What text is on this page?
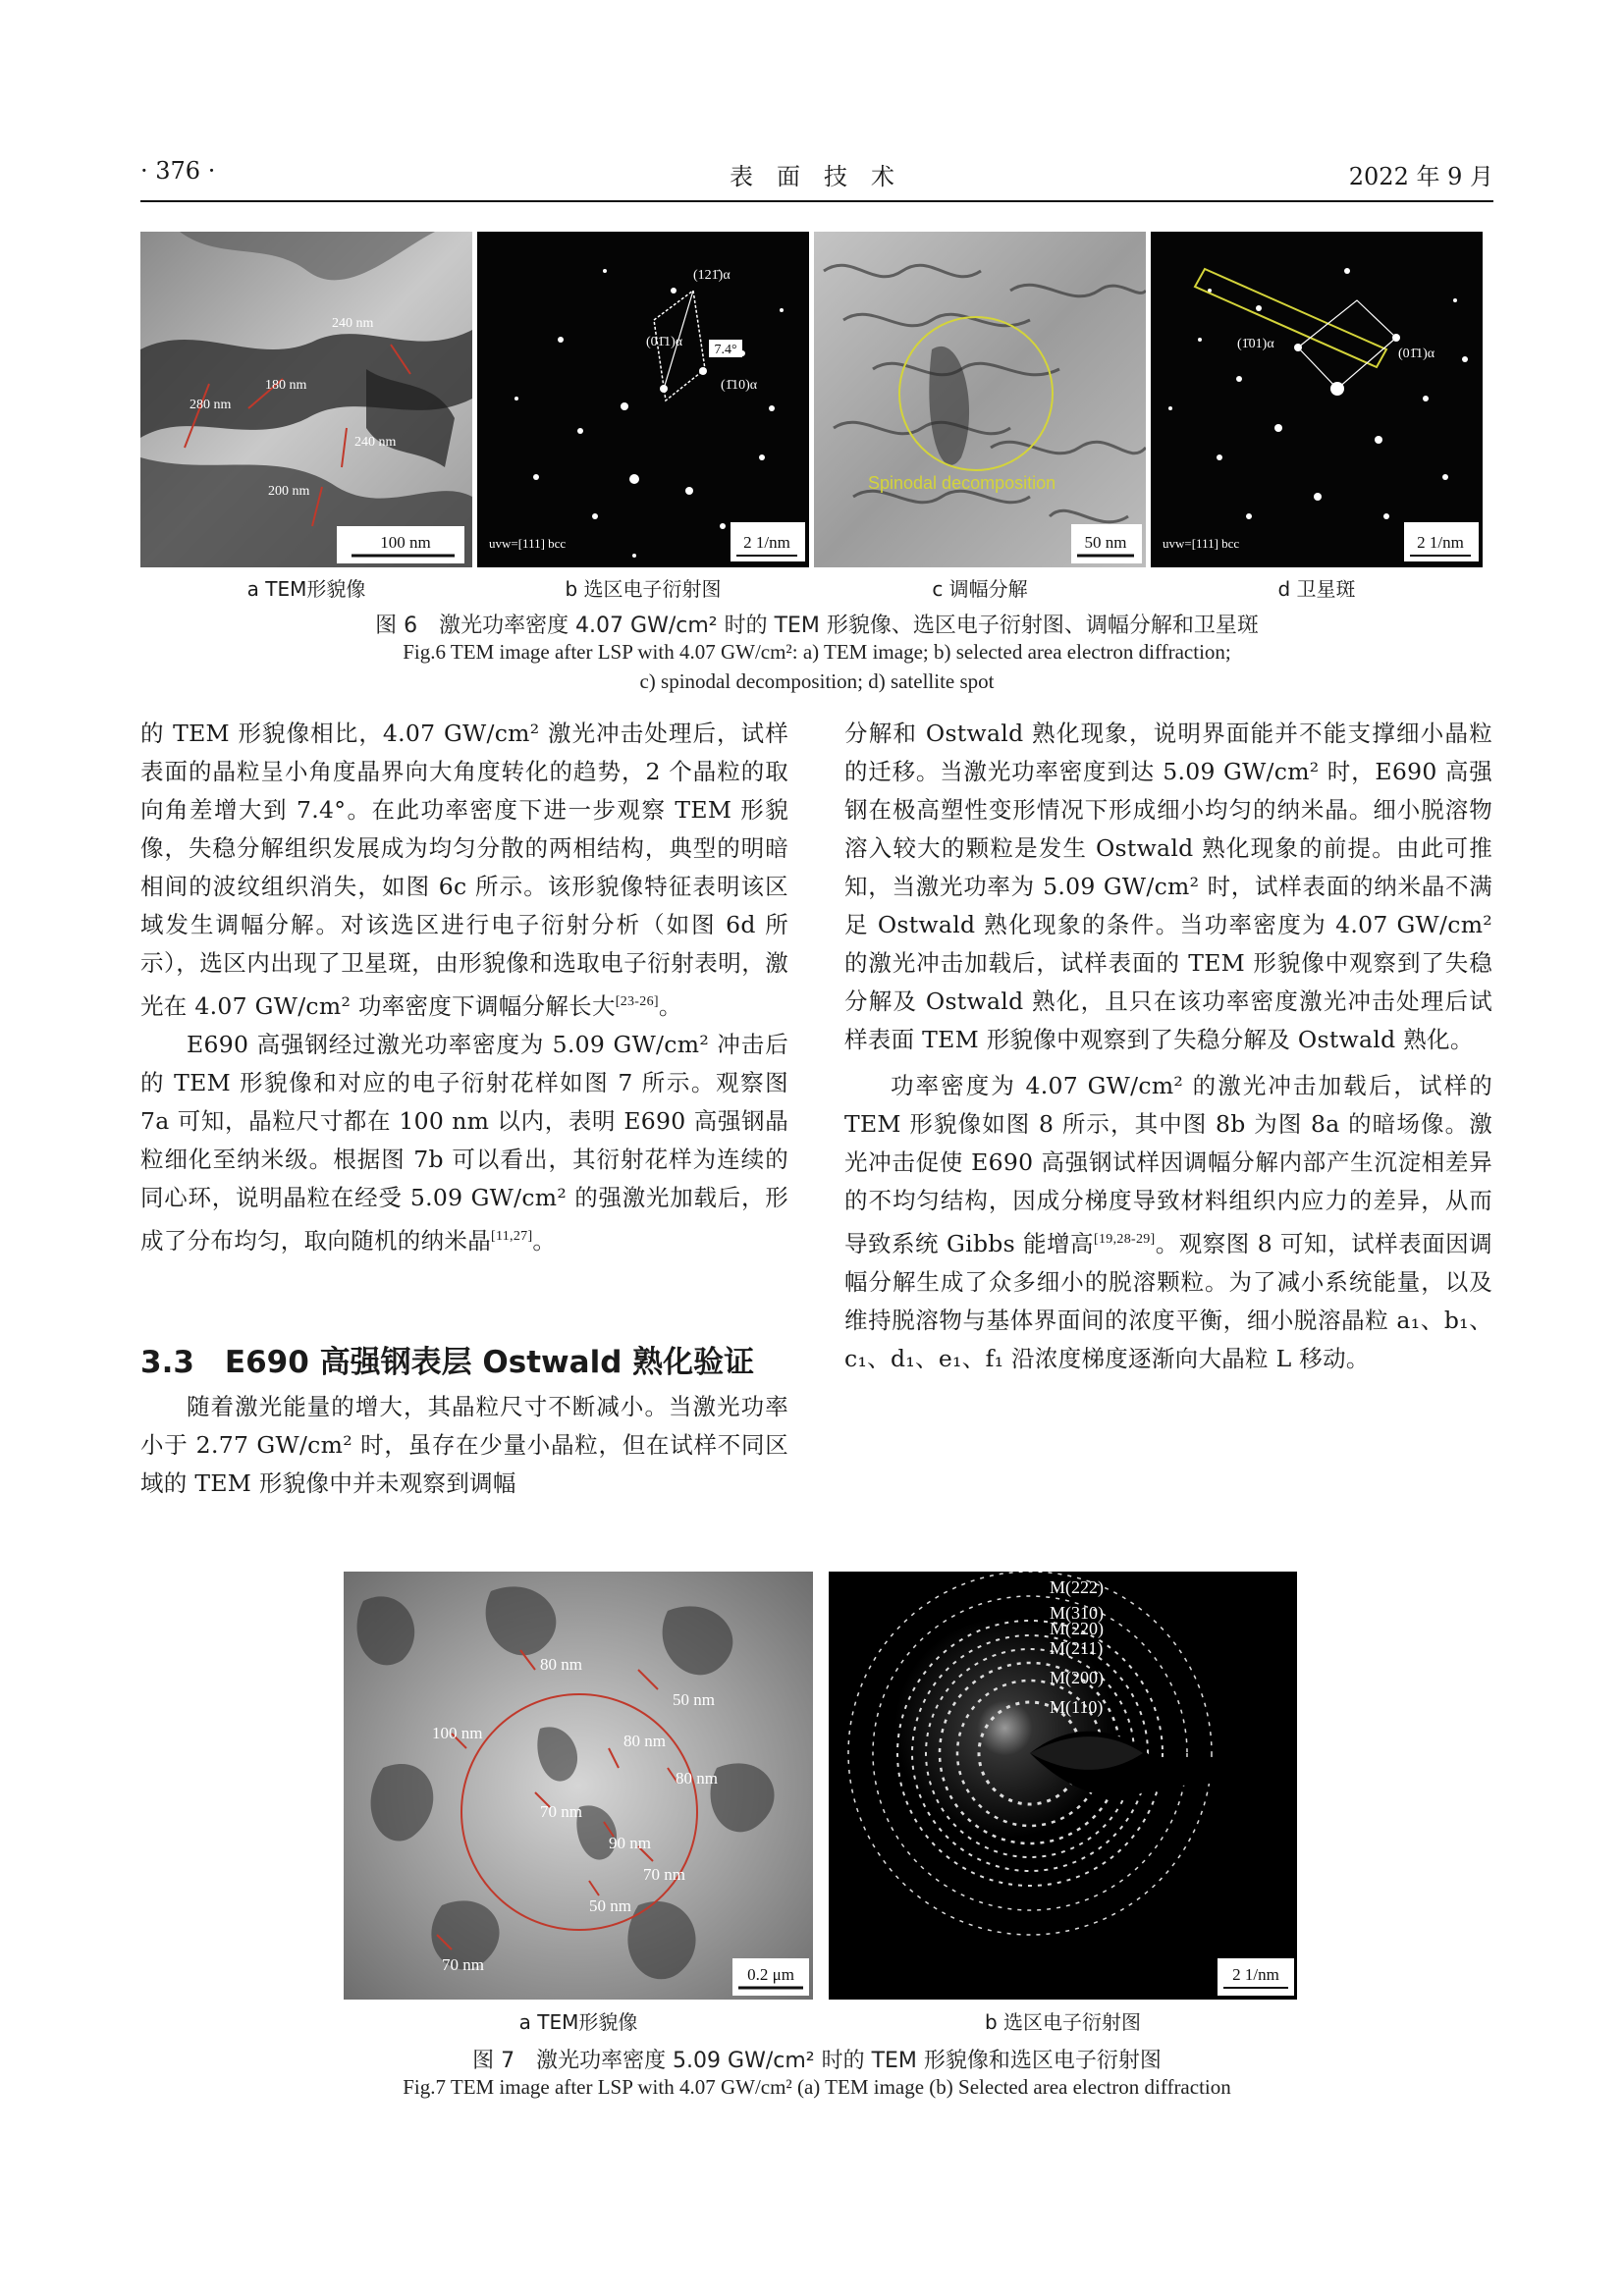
· 376 ·	表　面　技　术	2022 年 9 月
100 nm
240 nm
180 nm
280 nm
240 nm
200 nm
a TEM形貌像
7.4°
(121̄)α
(01̄1)α
(1̄10)α
uvw=[111] bcc	2 1/nm
b 选区电子衍射图
Spinodal decomposition
50 nm
c 调幅分解
(1̄01)α
(01̄1)α
uvw=[111] bcc	2 1/nm
d 卫星斑
图 6　激光功率密度 4.07 GW/cm² 时的 TEM 形貌像、选区电子衍射图、调幅分解和卫星斑
Fig.6 TEM image after LSP with 4.07 GW/cm²: a) TEM image; b) selected area electron diffraction;
c) spinodal decomposition; d) satellite spot

的 TEM 形貌像相比，4.07 GW/cm² 激光冲击处理后，试样表面的晶粒呈小角度晶界向大角度转化的趋势，2 个晶粒的取向角差增大到 7.4°。在此功率密度下进一步观察 TEM 形貌像，失稳分解组织发展成为均匀分散的两相结构，典型的明暗相间的波纹组织消失，如图 6c 所示。该形貌像特征表明该区域发生调幅分解。对该选区进行电子衍射分析（如图 6d 所示），选区内出现了卫星斑，由形貌像和选取电子衍射表明，激光在 4.07 GW/cm² 功率密度下调幅分解长大[23-26]。

E690 高强钢经过激光功率密度为 5.09 GW/cm² 冲击后的 TEM 形貌像和对应的电子衍射花样如图 7 所示。观察图 7a 可知，晶粒尺寸都在 100 nm 以内，表明 E690 高强钢晶粒细化至纳米级。根据图 7b 可以看出，其衍射花样为连续的同心环，说明晶粒在经受 5.09 GW/cm² 的强激光加载后，形成了分布均匀，取向随机的纳米晶[11,27]。

3.3　E690 高强钢表层 Ostwald 熟化验证

随着激光能量的增大，其晶粒尺寸不断减小。当激光功率小于 2.77 GW/cm² 时，虽存在少量小晶粒，但在试样不同区域的 TEM 形貌像中并未观察到调幅

分解和 Ostwald 熟化现象，说明界面能并不能支撑细小晶粒的迁移。当激光功率密度到达 5.09 GW/cm² 时，E690 高强钢在极高塑性变形情况下形成细小均匀的纳米晶。细小脱溶物溶入较大的颗粒是发生 Ostwald 熟化现象的前提。由此可推知，当激光功率为 5.09 GW/cm² 时，试样表面的纳米晶不满足 Ostwald 熟化现象的条件。当功率密度为 4.07 GW/cm² 的激光冲击加载后，试样表面的 TEM 形貌像中观察到了失稳分解及 Ostwald 熟化，且只在该功率密度激光冲击处理后试样表面 TEM 形貌像中观察到了失稳分解及 Ostwald 熟化。

功率密度为 4.07 GW/cm² 的激光冲击加载后，试样的 TEM 形貌像如图 8 所示，其中图 8b 为图 8a 的暗场像。激光冲击促使 E690 高强钢试样因调幅分解内部产生沉淀相差异的不均匀结构，因成分梯度导致材料组织内应力的差异，从而导致系统 Gibbs 能增高[19,28-29]。观察图 8 可知，试样表面因调幅分解生成了众多细小的脱溶颗粒。为了减小系统能量，以及维持脱溶物与基体界面间的浓度平衡，细小脱溶晶粒 a₁、b₁、c₁、d₁、e₁、f₁ 沿浓度梯度逐渐向大晶粒 L 移动。

80 nm
50 nm
100 nm	80 nm
80 nm
70 nm
90 nm
70 nm
50 nm
70 nm
0.2 μm
a TEM形貌像
M(222)
M(310)
M(220)
M(211)
M(200)
M(110)
2 1/nm
b 选区电子衍射图
图 7　激光功率密度 5.09 GW/cm² 时的 TEM 形貌像和选区电子衍射图
Fig.7 TEM image after LSP with 4.07 GW/cm² (a) TEM image (b) Selected area electron diffraction
